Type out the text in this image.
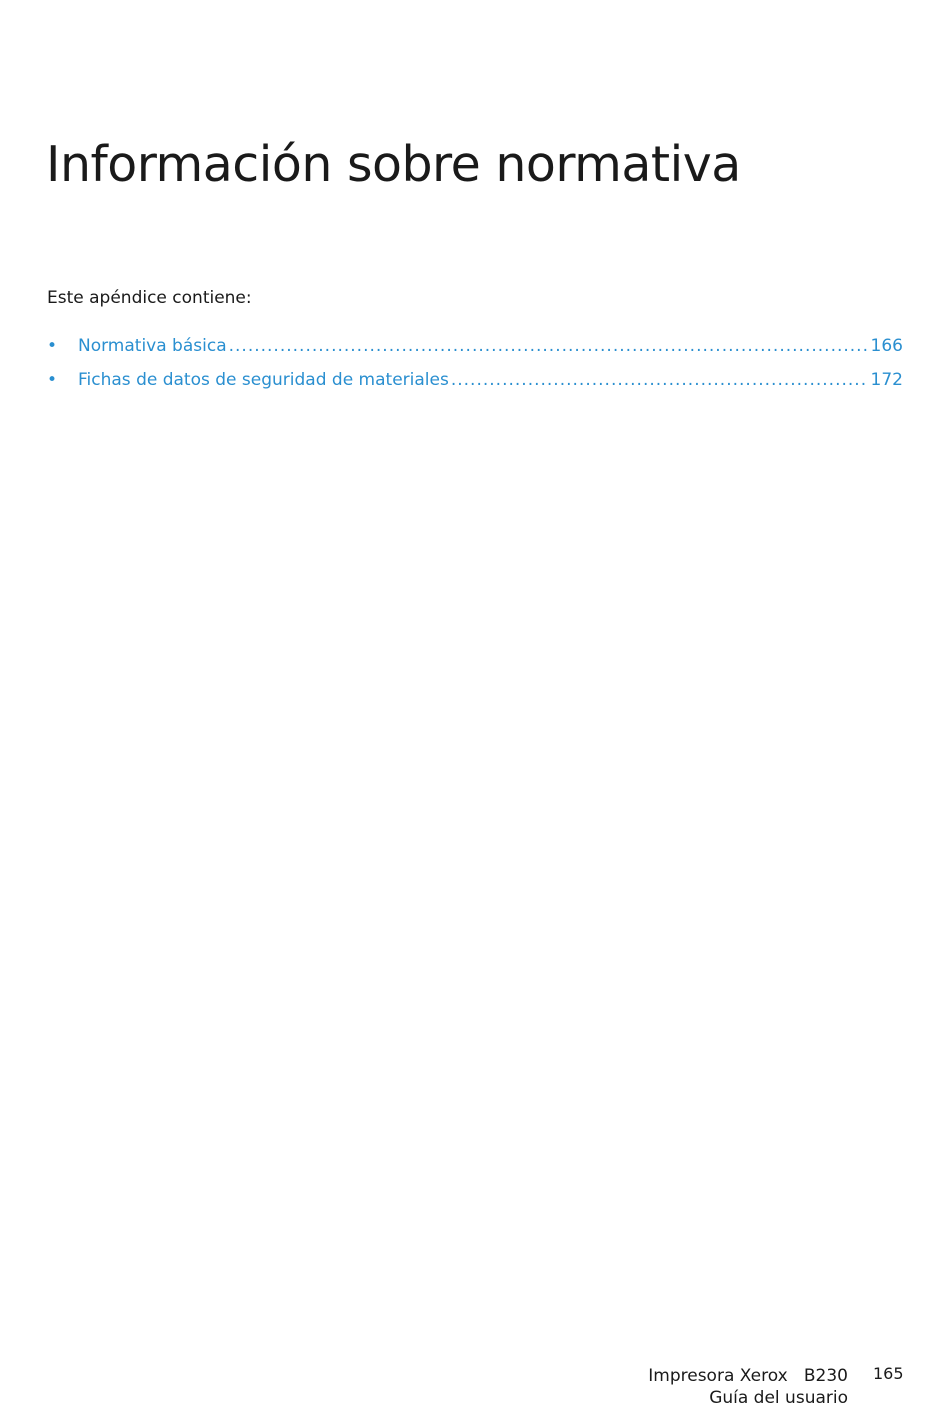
Información sobre normativa

Este apéndice contiene:

• Normativa básica .....	166
• Fichas de datos de seguridad de materiales .....	172
Impresora Xerox   B230
Guía del usuario
165
